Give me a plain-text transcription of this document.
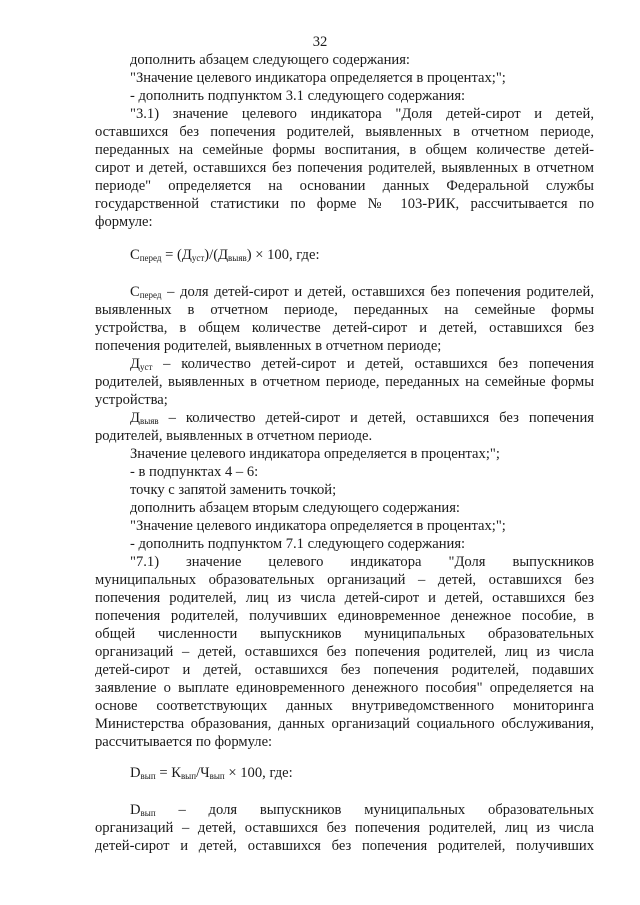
32

дополнить абзацем следующего содержания:

"Значение целевого индикатора определяется в процентах;";

- дополнить подпунктом 3.1 следующего содержания:

"3.1) значение целевого индикатора "Доля детей-сирот и детей,

оставшихся без попечения родителей, выявленных в отчетном периоде,

переданных на семейные формы воспитания, в общем количестве детей-

сирот и детей, оставшихся без попечения родителей, выявленных в отчетном

периоде" определяется на основании данных Федеральной службы

государственной статистики по форме № 103-РИК, рассчитывается по

формуле:

$С_{перед} = (Д_{уст})/(Д_{выяв}) \times 100$, где:

$С_{перед}$ – доля детей-сирот и детей, оставшихся без попечения родителей,

выявленных в отчетном периоде, переданных на семейные формы

устройства, в общем количестве детей-сирот и детей, оставшихся без

попечения родителей, выявленных в отчетном периоде;

$Д_{уст}$ – количество детей-сирот и детей, оставшихся без попечения

родителей, выявленных в отчетном периоде, переданных на семейные формы

устройства;

$Д_{выяв}$ – количество детей-сирот и детей, оставшихся без попечения

родителей, выявленных в отчетном периоде.

Значение целевого индикатора определяется в процентах;";

- в подпунктах 4 – 6:

точку с запятой заменить точкой;

дополнить абзацем вторым следующего содержания:

"Значение целевого индикатора определяется в процентах;";

- дополнить подпунктом 7.1 следующего содержания:

"7.1) значение целевого индикатора "Доля выпускников

муниципальных образовательных организаций – детей, оставшихся без

попечения родителей, лиц из числа детей-сирот и детей, оставшихся без

попечения родителей, получивших единовременное денежное пособие, в

общей численности выпускников муниципальных образовательных

организаций – детей, оставшихся без попечения родителей, лиц из числа

детей-сирот и детей, оставшихся без попечения родителей, подавших

заявление о выплате единовременного денежного пособия" определяется на

основе соответствующих данных внутриведомственного мониторинга

Министерства образования, данных организаций социального обслуживания,

рассчитывается по формуле:

$D_{вып} = К_{вып}/Ч_{вып} \times 100$, где:

$D_{вып}$ – доля выпускников муниципальных образовательных

организаций – детей, оставшихся без попечения родителей, лиц из числа

детей-сирот и детей, оставшихся без попечения родителей, получивших
